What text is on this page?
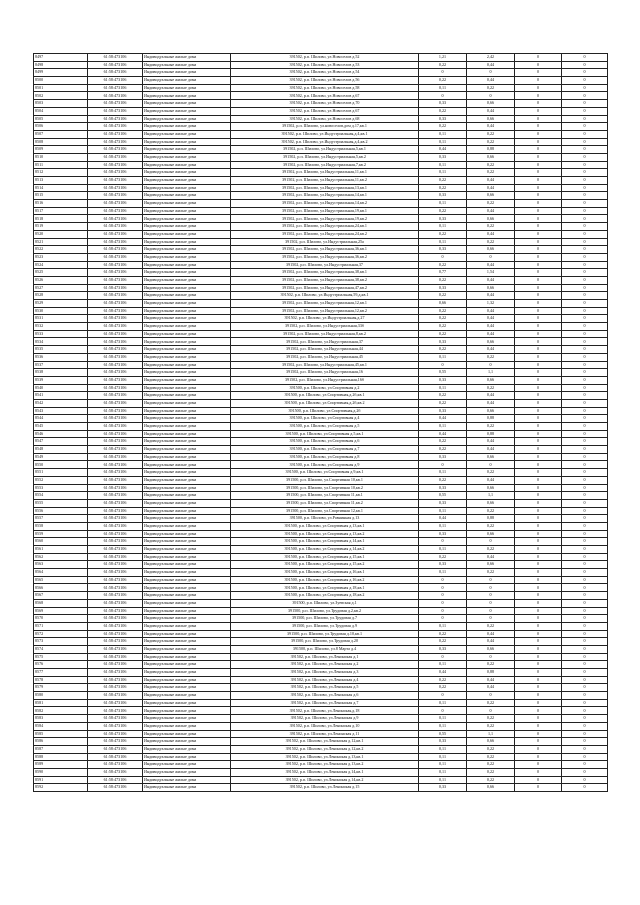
8497	61:58:473106	Индивидуальные жилые дома	391502, р.п. Шилово, ул.Новоселов д.52	1,21	2,42	0	0
8498	61:58:473106	Индивидуальные жилые дома	391502, р.п. Шилово, ул.Новоселов д.53	0,22	0,44	0	0
8499	61:58:473106	Индивидуальные жилые дома	391502, р.п. Шилово, ул.Новоселов д.54	0	0	0	0
8500	61:58:473106	Индивидуальные жилые дома	391502, р.п. Шилово, ул.Новоселов д.56	0,22	0,44	0	0
8501	61:58:473106	Индивидуальные жилые дома	391502, р.п. Шилово, ул.Новоселов д.58	0,11	0,22	0	0
8502	61:58:473106	Индивидуальные жилые дома	391502, р.п. Шилово, ул.Новоселов д.67	0	0	0	0
8503	61:58:473106	Индивидуальные жилые дома	391502, р.п. Шилово, ул.Новоселов д.70	0,33	0,66	0	0
8504	61:58:473106	Индивидуальные жилые дома	391502, р.п. Шилово, ул.Новоселов д.67	0,22	0,44	0	0
8505	61:58:473106	Индивидуальные жилые дома	391502, р.п. Шилово, ул.Новоселов д.68	0,33	0,66	0	0
8506	61:58:473106	Индивидуальные жилые дома	391502, р.п. Шилово, ул.новоселов,дом д.17,кв.1	0,22	0,44	0	0
8507	61:58:473106	Индивидуальные жилые дома	391502, р.п. Шилово, ул.Индустриальная,д.4,кв.1	0,11	0,22	0	0
8508	61:58:473106	Индивидуальные жилые дома	391502, р.п. Шилово, ул.Индустриальная,д.4,кв.2	0,11	0,22	0	0
8509	61:58:473106	Индивидуальные жилые дома	391502, р.п. Шилово, ул.Индустриальная,5,кв.1	0,44	0,88	0	0
8510	61:58:473106	Индивидуальные жилые дома	391502, р.п. Шилово, ул.Индустриальная,5,кв.2	0,33	0,66	0	0
8511	61:58:473106	Индивидуальные жилые дома	391502, р.п. Шилово, ул.Индустриальная,7,кв.2	0,11	0,22	0	0
8512	61:58:473106	Индивидуальные жилые дома	391502, р.п. Шилово, ул.Индустриальная,11,кв.1	0,11	0,22	0	0
8513	61:58:473106	Индивидуальные жилые дома	391502, р.п. Шилово, ул.Индустриальная,11,кв.2	0,22	0,44	0	0
8514	61:58:473106	Индивидуальные жилые дома	391502, р.п. Шилово, ул.Индустриальная,13,кв.1	0,22	0,44	0	0
8515	61:58:473106	Индивидуальные жилые дома	391502, р.п. Шилово, ул.Индустриальная,14,кв.1	0,33	0,66	0	0
8516	61:58:473106	Индивидуальные жилые дома	391502, р.п. Шилово, ул.Индустриальная,14,кв.2	0,11	0,22	0	0
8517	61:58:473106	Индивидуальные жилые дома	391502, р.п. Шилово, ул.Индустриальная,19,кв.1	0,22	0,44	0	0
8518	61:58:473106	Индивидуальные жилые дома	391502, р.п. Шилово, ул.Индустриальная,19,кв.2	0,33	0,66	0	0
8519	61:58:473106	Индивидуальные жилые дома	391502, р.п. Шилово, ул.Индустриальная,24,кв.1	0,11	0,22	0	0
8520	61:58:473106	Индивидуальные жилые дома	391502, р.п. Шилово, ул.Индустриальная,24,кв.2	0,22	0,44	0	0
8521	61:58:473106	Индивидуальные жилые дома	391502, р.п. Шилово, ул.Индустриальная,25а	0,11	0,22	0	0
8522	61:58:473106	Индивидуальные жилые дома	391502, р.п. Шилово, ул.Индустриальная,36,кв.1	0,33	0,66	0	0
8523	61:58:473106	Индивидуальные жилые дома	391502, р.п. Шилово, ул.Индустриальная,36,кв.2	0	0	0	0
8524	61:58:473106	Индивидуальные жилые дома	391502, р.п. Шилово, ул.Индустриальная,37	0,22	0,44	0	0
8525	61:58:473106	Индивидуальные жилые дома	391502, р.п. Шилово, ул.Индустриальная,38,кв.1	0,77	1,54	0	0
8526	61:58:473106	Индивидуальные жилые дома	391502, р.п. Шилово, ул.Индустриальная,38,кв.2	0,22	0,44	0	0
8527	61:58:473106	Индивидуальные жилые дома	391502, р.п. Шилово, ул.Индустриальная,47,кв.2	0,33	0,66	0	0
8528	61:58:473106	Индивидуальные жилые дома	391502, р.п. Шилово, ул.Индустриальная,59,д,кв.1	0,22	0,44	0	0
8529	61:58:473106	Индивидуальные жилые дома	391502, р.п. Шилово, ул.Индустриальная,12,кв.1	0,66	1,32	0	0
8530	61:58:473106	Индивидуальные жилые дома	391502, р.п. Шилово, ул.Индустриальная,12,кв.2	0,22	0,44	0	0
8531	61:58:473106	Индивидуальные жилые дома	391502, р.п. Шилово, ул.Индустриальная,д.27	0,22	0,44	0	0
8532	61:58:473106	Индивидуальные жилые дома	391502, р.п. Шилово, ул.Индустриальная,33б	0,22	0,44	0	0
8533	61:58:473106	Индивидуальные жилые дома	391502, р.п. Шилово, ул.Индустриальная,8,кв.2	0,22	0,44	0	0
8534	61:58:473106	Индивидуальные жилые дома	391502, р.п. Шилово, ул.Индустриальная,37	0,33	0,66	0	0
8535	61:58:473106	Индивидуальные жилые дома	391502, р.п. Шилово, ул.Индустриальная,44	0,22	0,44	0	0
8536	61:58:473106	Индивидуальные жилые дома	391502, р.п. Шилово, ул.Индустриальная,45	0,11	0,22	0	0
8537	61:58:473106	Индивидуальные жилые дома	391502, р.п. Шилово, ул.Индустриальная,45,кв.1	0	0	0	0
8538	61:58:473106	Индивидуальные жилые дома	391502, р.п. Шилово, ул.Индустриальная,16	0,55	1,1	0	0
8539	61:58:473106	Индивидуальные жилые дома	391502, р.п. Шилово, ул.Индустриальная,16б	0,33	0,66	0	0
8540	61:58:473106	Индивидуальные жилые дома	391500, р.п. Шилово, ул.Спортивная д.2	0,11	0,22	0	0
8541	61:58:473106	Индивидуальные жилые дома	391500, р.п. Шилово, ул.Спортивная,д.2б,кв.1	0,22	0,44	0	0
8542	61:58:473106	Индивидуальные жилые дома	391500, р.п. Шилово, ул.Спортивная,д.2б,кв.2	0,22	0,44	0	0
8543	61:58:473106	Индивидуальные жилые дома	391500, р.п. Шилово, ул.Спортивная,д.2б	0,33	0,66	0	0
8544	61:58:473106	Индивидуальные жилые дома	391500, р.п. Шилово, ул.Спортивная д.4	0,44	0,88	0	0
8545	61:58:473106	Индивидуальные жилые дома	391500, р.п. Шилово, ул.Спортивная д.5	0,11	0,22	0	0
8546	61:58:473106	Индивидуальные жилые дома	391500, р.п. Шилово, ул.Спортивная д.5,кв.1	0,44	0,88	0	0
8547	61:58:473106	Индивидуальные жилые дома	391500, р.п. Шилово, ул.Спортивная д.6	0,22	0,44	0	0
8548	61:58:473106	Индивидуальные жилые дома	391500, р.п. Шилово, ул.Спортивная д.7	0,22	0,44	0	0
8549	61:58:473106	Индивидуальные жилые дома	391500, р.п. Шилово, ул.Спортивная д.8	0,33	0,66	0	0
8550	61:58:473106	Индивидуальные жилые дома	391500, р.п. Шилово, ул.Спортивная д.9	0	0	0	0
8551	61:58:473106	Индивидуальные жилые дома	391500, р.п. Шилово, ул.Спортивная д.9,кв.1	0,11	0,22	0	0
8552	61:58:473106	Индивидуальные жилые дома	391500, р.п. Шилово, ул.Спортивная 10,кв.1	0,22	0,44	0	0
8553	61:58:473106	Индивидуальные жилые дома	391500, р.п. Шилово, ул.Спортивная 10,кв.2	0,33	0,66	0	0
8554	61:58:473106	Индивидуальные жилые дома	391500, р.п. Шилово, ул.Спортивная 11,кв.1	0,55	1,1	0	0
8555	61:58:473106	Индивидуальные жилые дома	391500, р.п. Шилово, ул.Спортивная 11,кв.2	0,33	0,66	0	0
8556	61:58:473106	Индивидуальные жилые дома	391500, р.п. Шилово, ул.Спортивная 12,кв.1	0,11	0,22	0	0
8557	61:58:473106	Индивидуальные жилые дома	391500, р.п. Шилово, ул.Равнинная д.13	0,44	0,88	0	0
8558	61:58:473106	Индивидуальные жилые дома	391500, р.п. Шилово, ул.Спортивная д.13,кв.1	0,11	0,22	0	0
8559	61:58:473106	Индивидуальные жилые дома	391500, р.п. Шилово, ул.Спортивная д.13,кв.2	0,33	0,66	0	0
8560	61:58:473106	Индивидуальные жилые дома	391500, р.п. Шилово, ул.Спортивная д.14,кв.1	0	0	0	0
8561	61:58:473106	Индивидуальные жилые дома	391500, р.п. Шилово, ул.Спортивная д.14,кв.2	0,11	0,22	0	0
8562	61:58:473106	Индивидуальные жилые дома	391500, р.п. Шилово, ул.Спортивная д.15,кв.1	0,22	0,44	0	0
8563	61:58:473106	Индивидуальные жилые дома	391500, р.п. Шилово, ул.Спортивная д.15,кв.2	0,33	0,66	0	0
8564	61:58:473106	Индивидуальные жилые дома	391500, р.п. Шилово, ул.Спортивная д.16,кв.1	0,11	0,22	0	0
8565	61:58:473106	Индивидуальные жилые дома	391500, р.п. Шилово, ул.Спортивная д.16,кв.2	0	0	0	0
8566	61:58:473106	Индивидуальные жилые дома	391500, р.п. Шилово, ул.Спортивная д.18,кв.1	0	0	0	0
8567	61:58:473106	Индивидуальные жилые дома	391500, р.п. Шилово, ул.Спортивная д.18,кв.2	0	0	0	0
8568	61:58:473106	Индивидуальные жилые дома	391500, р.п. Шилово, ул.Зуевская д.1	0	0	0	0
8569	61:58:473106	Индивидуальные жилые дома	391500, р.п. Шилово, ул.Трудовая д.2,кв.2	0	0	0	0
8570	61:58:473106	Индивидуальные жилые дома	391500, р.п. Шилово, ул.Трудовая д.7	0	0	0	0
8571	61:58:473106	Индивидуальные жилые дома	391500, р.п. Шилово, ул.Трудовая д.9	0,11	0,22	0	0
8572	61:58:473106	Индивидуальные жилые дома	391500, р.п. Шилово, ул.Трудовая д.10,кв.1	0,22	0,44	0	0
8573	61:58:473106	Индивидуальные жилые дома	391500, р.п. Шилово, ул.Трудовая д.20	0,22	0,44	0	0
8574	61:58:473106	Индивидуальные жилые дома	391500, р.п. Шилово, ул.8 Марта д.4	0,33	0,66	0	0
8575	61:58:473106	Индивидуальные жилые дома	391502, р.п. Шилово, ул.Ленинская д.1	0	0	0	0
8576	61:58:473106	Индивидуальные жилые дома	391502, р.п. Шилово, ул.Ленинская д.2	0,11	0,22	0	0
8577	61:58:473106	Индивидуальные жилые дома	391502, р.п. Шилово, ул.Ленинская д.3	0,44	0,88	0	0
8578	61:58:473106	Индивидуальные жилые дома	391502, р.п. Шилово, ул.Ленинская д.4	0,22	0,44	0	0
8579	61:58:473106	Индивидуальные жилые дома	391502, р.п. Шилово, ул.Ленинская д.5	0,22	0,44	0	0
8580	61:58:473106	Индивидуальные жилые дома	391502, р.п. Шилово, ул.Ленинская д.6	0	0	0	0
8581	61:58:473106	Индивидуальные жилые дома	391502, р.п. Шилово, ул.Ленинская д.7	0,11	0,22	0	0
8582	61:58:473106	Индивидуальные жилые дома	391502, р.п. Шилово, ул.Ленинская,д.18	0	0	0	0
8583	61:58:473106	Индивидуальные жилые дома	391502, р.п. Шилово, ул.Ленинская д.9	0,11	0,22	0	0
8584	61:58:473106	Индивидуальные жилые дома	391502, р.п. Шилово, ул.Ленинская д.10	0,11	0,22	0	0
8585	61:58:473106	Индивидуальные жилые дома	391502, р.п. Шилово, ул.Ленинская д.11	0,55	1,1	0	0
8586	61:58:473106	Индивидуальные жилые дома	391502, р.п. Шилово, ул.Ленинская д.12,кв.1	0,33	0,66	0	0
8587	61:58:473106	Индивидуальные жилые дома	391502, р.п. Шилово, ул.Ленинская д.12,кв.2	0,11	0,22	0	0
8588	61:58:473106	Индивидуальные жилые дома	391502, р.п. Шилово, ул.Ленинская д.13,кв.1	0,11	0,22	0	0
8589	61:58:473106	Индивидуальные жилые дома	391502, р.п. Шилово, ул.Ленинская д.13,кв.2	0,11	0,22	0	0
8590	61:58:473106	Индивидуальные жилые дома	391502, р.п. Шилово, ул.Ленинская д.14,кв.1	0,11	0,22	0	0
8591	61:58:473106	Индивидуальные жилые дома	391502, р.п. Шилово, ул.Ленинская д.14,кв.2	0,11	0,22	0	0
8592	61:58:473106	Индивидуальные жилые дома	391502, р.п. Шилово, ул.Ленинская д.15	0,33	0,66	0	0
